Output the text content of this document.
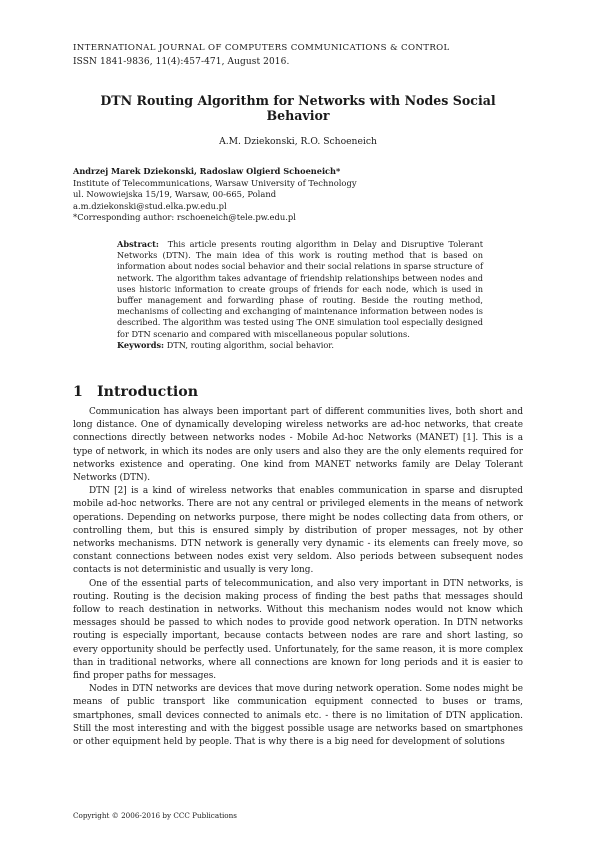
INTERNATIONAL JOURNAL OF COMPUTERS COMMUNICATIONS & CONTROL
ISSN 1841-9836, 11(4):457-471, August 2016.
DTN Routing Algorithm for Networks with Nodes Social
Behavior
A.M. Dziekonski, R.O. Schoeneich
Andrzej Marek Dziekonski, Radoslaw Olgierd Schoeneich*
Institute of Telecommunications, Warsaw University of Technology
ul. Nowowiejska 15/19, Warsaw, 00-665, Poland
a.m.dziekonski@stud.elka.pw.edu.pl
*Corresponding author: rschoeneich@tele.pw.edu.pl
Abstract: This article presents routing algorithm in Delay and Disruptive Tolerant Networks (DTN). The main idea of this work is routing method that is based on information about nodes social behavior and their social relations in sparse structure of network. The algorithm takes advantage of friendship relationships between nodes and uses historic information to create groups of friends for each node, which is used in buffer management and forwarding phase of routing. Beside the routing method, mechanisms of collecting and exchanging of maintenance information between nodes is described. The algorithm was tested using The ONE simulation tool especially designed for DTN scenario and compared with miscellaneous popular solutions.
Keywords: DTN, routing algorithm, social behavior.
1 Introduction

Communication has always been important part of different communities lives, both short and long distance. One of dynamically developing wireless networks are ad-hoc networks, that create connections directly between networks nodes - Mobile Ad-hoc Networks (MANET) [1]. This is a type of network, in which its nodes are only users and also they are the only elements required for networks existence and operating. One kind from MANET networks family are Delay Tolerant Networks (DTN).

DTN [2] is a kind of wireless networks that enables communication in sparse and disrupted mobile ad-hoc networks. There are not any central or privileged elements in the means of network operations. Depending on networks purpose, there might be nodes collecting data from others, or controlling them, but this is ensured simply by distribution of proper messages, not by other networks mechanisms. DTN network is generally very dynamic - its elements can freely move, so constant connections between nodes exist very seldom. Also periods between subsequent nodes contacts is not deterministic and usually is very long.

One of the essential parts of telecommunication, and also very important in DTN networks, is routing. Routing is the decision making process of finding the best paths that messages should follow to reach destination in networks. Without this mechanism nodes would not know which messages should be passed to which nodes to provide good network operation. In DTN networks routing is especially important, because contacts between nodes are rare and short lasting, so every opportunity should be perfectly used. Unfortunately, for the same reason, it is more complex than in traditional networks, where all connections are known for long periods and it is easier to find proper paths for messages.

Nodes in DTN networks are devices that move during network operation. Some nodes might be means of public transport like communication equipment connected to buses or trams, smartphones, small devices connected to animals etc. - there is no limitation of DTN application. Still the most interesting and with the biggest possible usage are networks based on smartphones or other equipment held by people. That is why there is a big need for development of solutions

Copyright © 2006-2016 by CCC Publications
